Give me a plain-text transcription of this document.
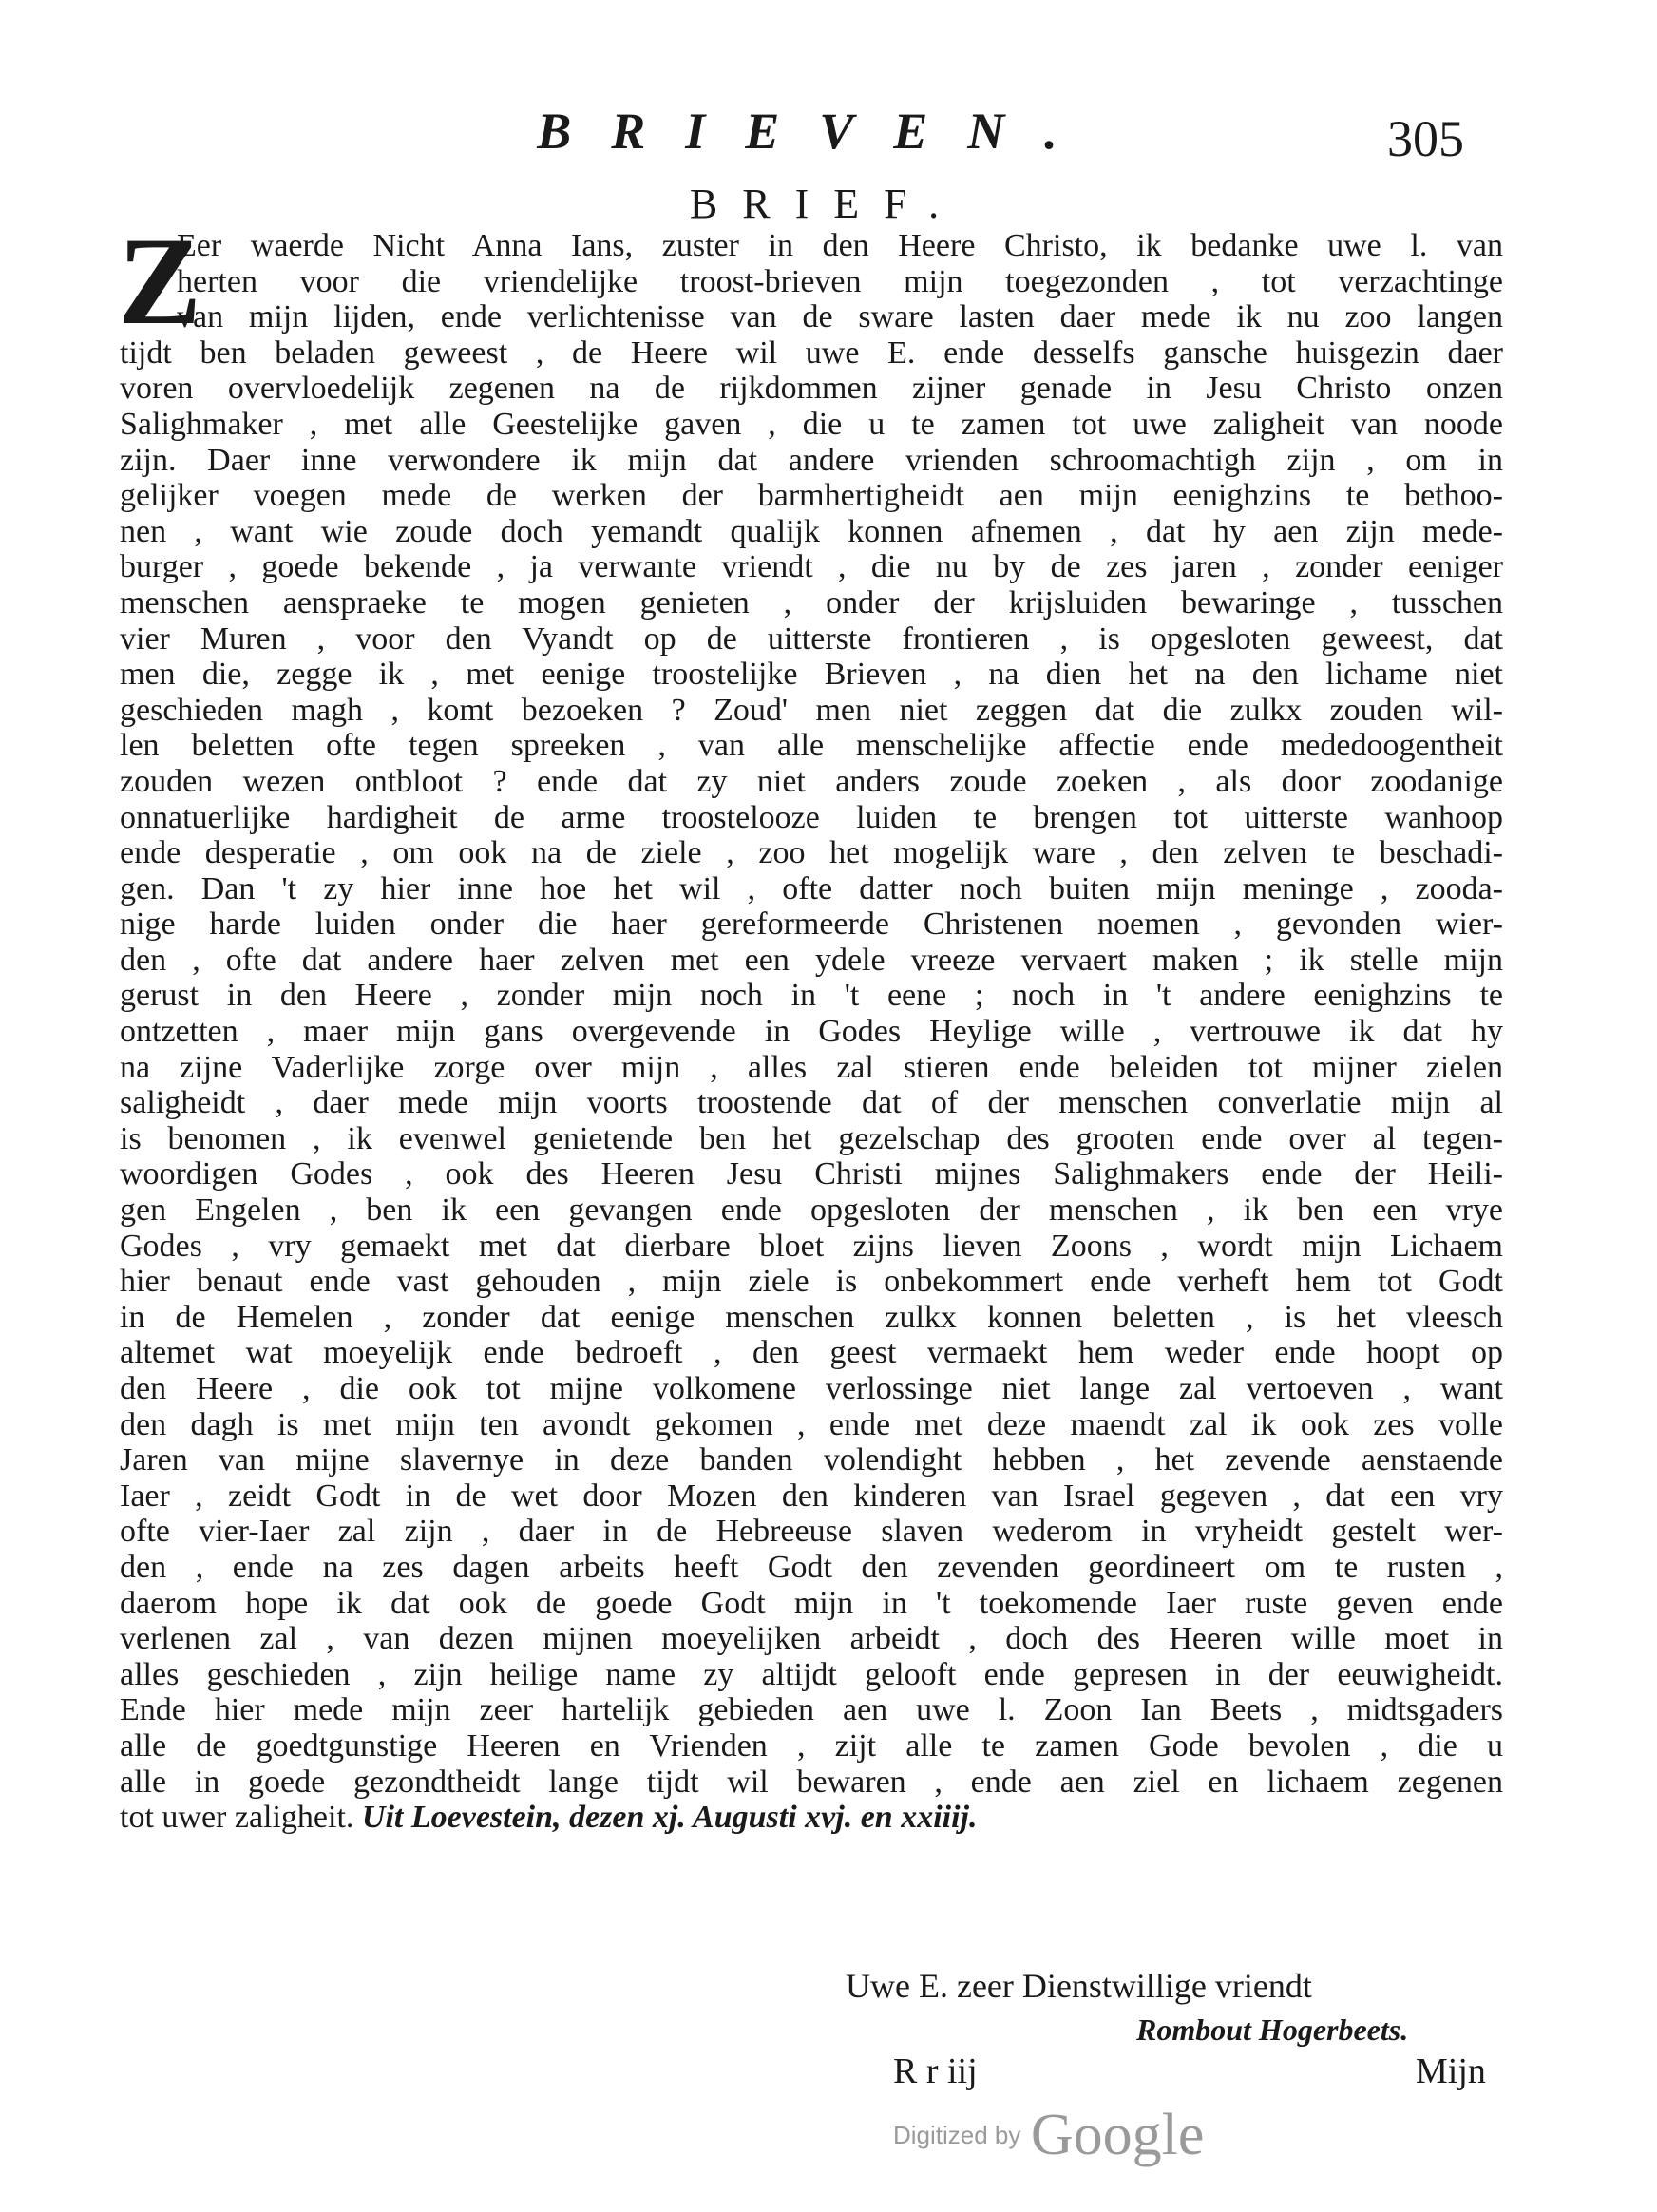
BRIEVEN.	305
BRIEF.
Z
Eer waerde Nicht Anna Ians, zuster in den Heere Christo, ik bedanke uwe l. van
herten voor die vriendelijke troost-brieven mijn toegezonden , tot verzachtinge
van mijn lijden, ende verlichtenisse van de sware lasten daer mede ik nu zoo langen
tijdt ben beladen geweest , de Heere wil uwe E. ende desselfs gansche huisgezin daer
voren overvloedelijk zegenen na de rijkdommen zijner genade in Jesu Christo onzen
Salighmaker , met alle Geestelijke gaven , die u te zamen tot uwe zaligheit van noode
zijn. Daer inne verwondere ik mijn dat andere vrienden schroomachtigh zijn , om in
gelijker voegen mede de werken der barmhertigheidt aen mijn eenighzins te bethoo-
nen , want wie zoude doch yemandt qualijk konnen afnemen , dat hy aen zijn mede-
burger , goede bekende , ja verwante vriendt , die nu by de zes jaren , zonder eeniger
menschen aenspraeke te mogen genieten , onder der krijsluiden bewaringe , tusschen
vier Muren , voor den Vyandt op de uitterste frontieren , is opgesloten geweest, dat
men die, zegge ik , met eenige troostelijke Brieven , na dien het na den lichame niet
geschieden magh , komt bezoeken ? Zoud' men niet zeggen dat die zulkx zouden wil-
len beletten ofte tegen spreeken , van alle menschelijke affectie ende mededoogentheit
zouden wezen ontbloot ? ende dat zy niet anders zoude zoeken , als door zoodanige
onnatuerlijke hardigheit de arme troostelooze luiden te brengen tot uitterste wanhoop
ende desperatie , om ook na de ziele , zoo het mogelijk ware , den zelven te beschadi-
gen. Dan 't zy hier inne hoe het wil , ofte datter noch buiten mijn meninge , zooda-
nige harde luiden onder die haer gereformeerde Christenen noemen , gevonden wier-
den , ofte dat andere haer zelven met een ydele vreeze vervaert maken ; ik stelle mijn
gerust in den Heere , zonder mijn noch in 't eene ; noch in 't andere eenighzins te
ontzetten , maer mijn gans overgevende in Godes Heylige wille , vertrouwe ik dat hy
na zijne Vaderlijke zorge over mijn , alles zal stieren ende beleiden tot mijner zielen
saligheidt , daer mede mijn voorts troostende dat of der menschen converlatie mijn al
is benomen , ik evenwel genietende ben het gezelschap des grooten ende over al tegen-
woordigen Godes , ook des Heeren Jesu Christi mijnes Salighmakers ende der Heili-
gen Engelen , ben ik een gevangen ende opgesloten der menschen , ik ben een vrye
Godes , vry gemaekt met dat dierbare bloet zijns lieven Zoons , wordt mijn Lichaem
hier benaut ende vast gehouden , mijn ziele is onbekommert ende verheft hem tot Godt
in de Hemelen , zonder dat eenige menschen zulkx konnen beletten , is het vleesch
altemet wat moeyelijk ende bedroeft , den geest vermaekt hem weder ende hoopt op
den Heere , die ook tot mijne volkomene verlossinge niet lange zal vertoeven , want
den dagh is met mijn ten avondt gekomen , ende met deze maendt zal ik ook zes volle
Jaren van mijne slavernye in deze banden volendight hebben , het zevende aenstaende
Iaer , zeidt Godt in de wet door Mozen den kinderen van Israel gegeven , dat een vry
ofte vier-Iaer zal zijn , daer in de Hebreeuse slaven wederom in vryheidt gestelt wer-
den , ende na zes dagen arbeits heeft Godt den zevenden geordineert om te rusten ,
daerom hope ik dat ook de goede Godt mijn in 't toekomende Iaer ruste geven ende
verlenen zal , van dezen mijnen moeyelijken arbeidt , doch des Heeren wille moet in
alles geschieden , zijn heilige name zy altijdt gelooft ende gepresen in der eeuwigheidt.
Ende hier mede mijn zeer hartelijk gebieden aen uwe l. Zoon Ian Beets , midtsgaders
alle de goedtgunstige Heeren en Vrienden , zijt alle te zamen Gode bevolen , die u
alle in goede gezondtheidt lange tijdt wil bewaren , ende aen ziel en lichaem zegenen
tot uwer zaligheit. Uit Loevestein, dezen xj. Augusti xvj. en xxiiij.
Uwe E. zeer Dienstwillige vriendt
Rombout Hogerbeets.
R r iij	Mijn
Digitized by Google
